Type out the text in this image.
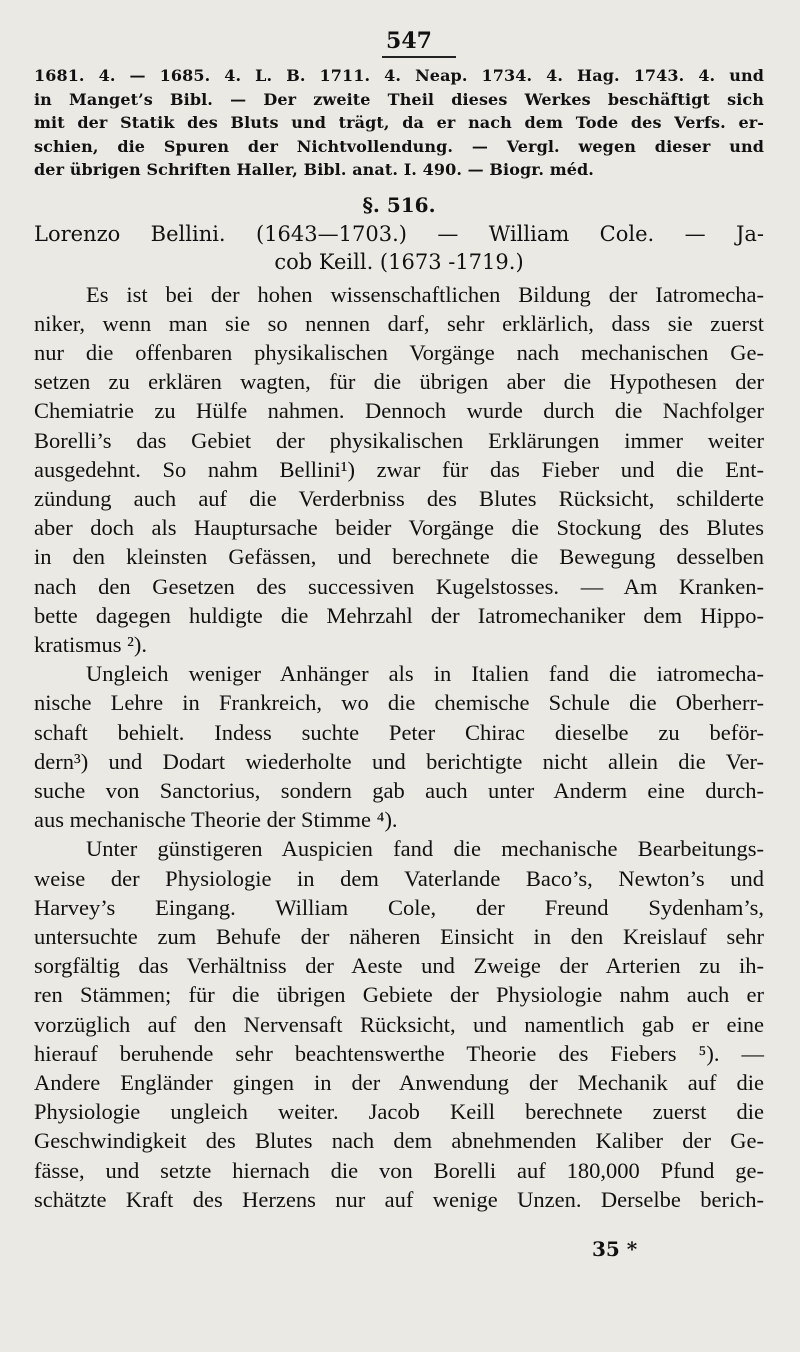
547
1681. 4. — 1685. 4. L. B. 1711. 4. Neap. 1734. 4. Hag. 1743. 4. und
in Manget’s Bibl. — Der zweite Theil dieses Werkes beschäftigt sich
mit der Statik des Bluts und trägt, da er nach dem Tode des Verfs. er-
schien, die Spuren der Nichtvollendung. — Vergl. wegen dieser und
der übrigen Schriften Haller, Bibl. anat. I. 490. — Biogr. méd.
§. 516.
Lorenzo Bellini. (1643—1703.) — William Cole. — Ja-
cob Keill. (1673 -1719.)
Es ist bei der hohen wissenschaftlichen Bildung der Iatromecha-
niker, wenn man sie so nennen darf, sehr erklärlich, dass sie zuerst
nur die offenbaren physikalischen Vorgänge nach mechanischen Ge-
setzen zu erklären wagten, für die übrigen aber die Hypothesen der
Chemiatrie zu Hülfe nahmen. Dennoch wurde durch die Nachfolger
Borelli’s das Gebiet der physikalischen Erklärungen immer weiter
ausgedehnt. So nahm Bellini¹) zwar für das Fieber und die Ent-
zündung auch auf die Verderbniss des Blutes Rücksicht, schilderte
aber doch als Hauptursache beider Vorgänge die Stockung des Blutes
in den kleinsten Gefässen, und berechnete die Bewegung desselben
nach den Gesetzen des successiven Kugelstosses. — Am Kranken-
bette dagegen huldigte die Mehrzahl der Iatromechaniker dem Hippo-
kratismus ²).
Ungleich weniger Anhänger als in Italien fand die iatromecha-
nische Lehre in Frankreich, wo die chemische Schule die Oberherr-
schaft behielt. Indess suchte Peter Chirac dieselbe zu beför-
dern³) und Dodart wiederholte und berichtigte nicht allein die Ver-
suche von Sanctorius, sondern gab auch unter Anderm eine durch-
aus mechanische Theorie der Stimme ⁴).
Unter günstigeren Auspicien fand die mechanische Bearbeitungs-
weise der Physiologie in dem Vaterlande Baco’s, Newton’s und
Harvey’s Eingang. William Cole, der Freund Sydenham’s,
untersuchte zum Behufe der näheren Einsicht in den Kreislauf sehr
sorgfältig das Verhältniss der Aeste und Zweige der Arterien zu ih-
ren Stämmen; für die übrigen Gebiete der Physiologie nahm auch er
vorzüglich auf den Nervensaft Rücksicht, und namentlich gab er eine
hierauf beruhende sehr beachtenswerthe Theorie des Fiebers ⁵). —
Andere Engländer gingen in der Anwendung der Mechanik auf die
Physiologie ungleich weiter. Jacob Keill berechnete zuerst die
Geschwindigkeit des Blutes nach dem abnehmenden Kaliber der Ge-
fässe, und setzte hiernach die von Borelli auf 180,000 Pfund ge-
schätzte Kraft des Herzens nur auf wenige Unzen. Derselbe berich-
35 *
